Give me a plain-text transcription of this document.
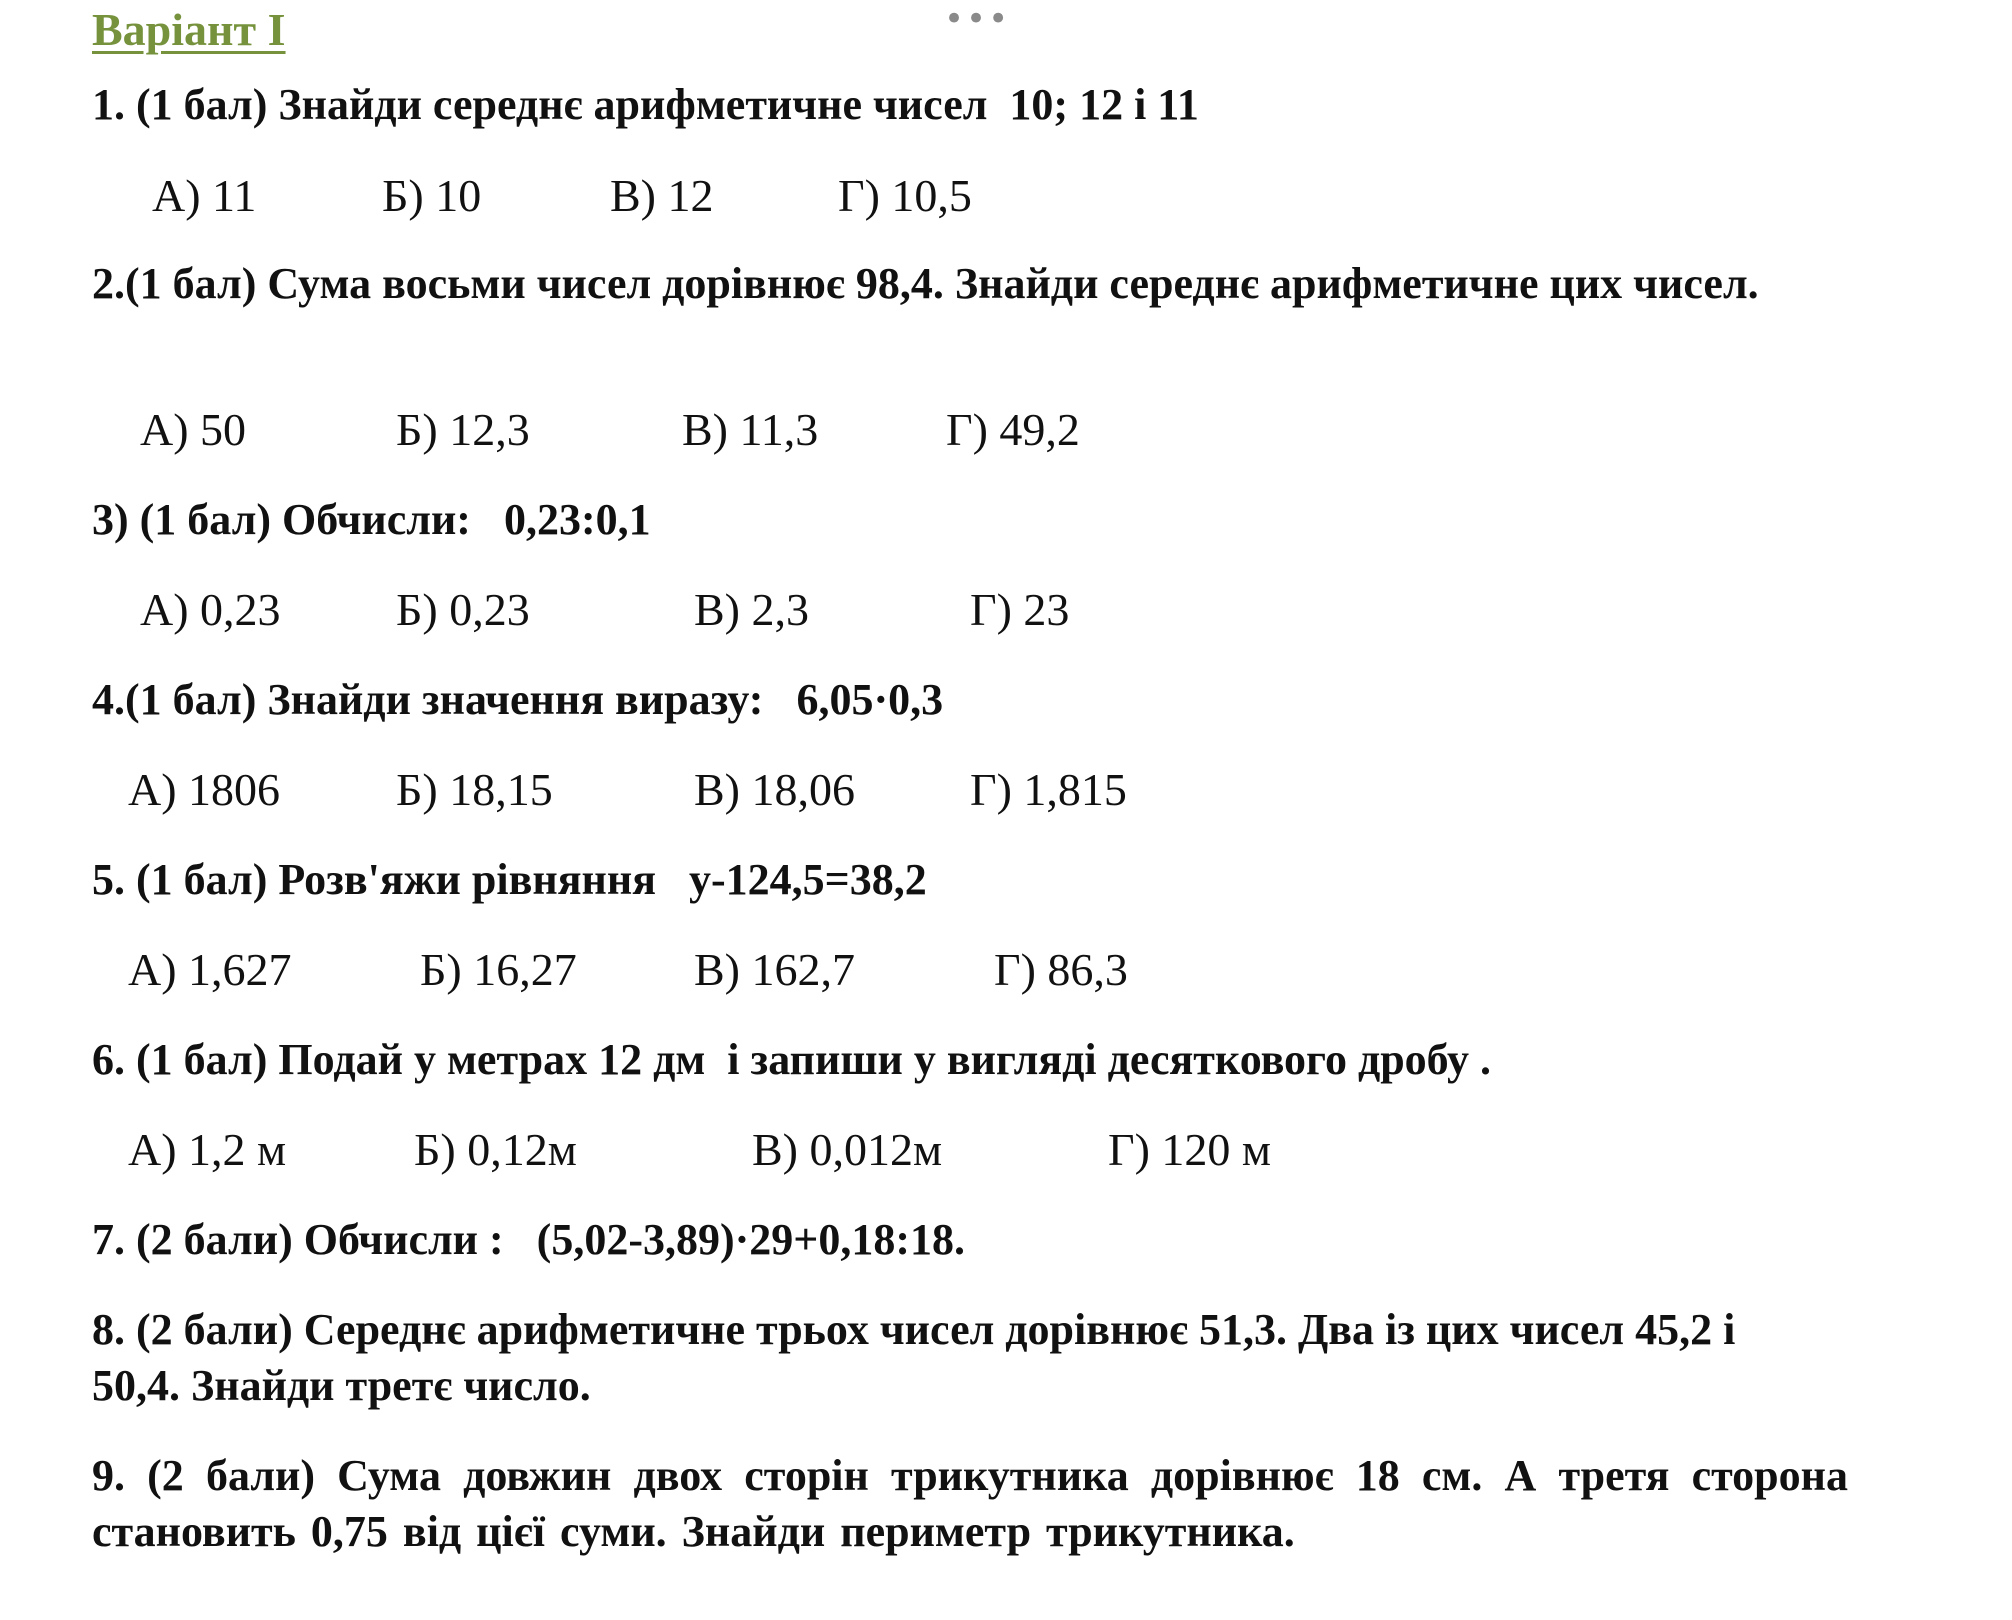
•••
Варіант І
1. (1 бал) Знайди середнє арифметичне чисел  10; 12 і 11
А) 11	Б) 10	В) 12	Г) 10,5
2.(1 бал) Сума восьми чисел дорівнює 98,4. Знайди середнє арифметичне цих чисел.
А) 50	Б) 12,3	В) 11,3	Г) 49,2
3) (1 бал) Обчисли:   0,23:0,1
А) 0,23	Б) 0,23	В) 2,3	Г) 23
4.(1 бал) Знайди значення виразу:   6,05·0,3
А) 1806	Б) 18,15	В) 18,06	Г) 1,815
5. (1 бал) Розв'яжи рівняння   у-124,5=38,2
А) 1,627	Б) 16,27	В) 162,7	Г) 86,3
6. (1 бал) Подай у метрах 12 дм  і запиши у вигляді десяткового дробу .
А) 1,2 м	Б) 0,12м	В) 0,012м	Г) 120 м
7. (2 бали) Обчисли :   (5,02-3,89)·29+0,18:18.
8. (2 бали) Середнє арифметичне трьох чисел дорівнює 51,3. Два із цих чисел 45,2 і 50,4. Знайди третє число.
9. (2 бали) Сума довжин двох сторін трикутника дорівнює 18 см. А третя сторона становить 0,75 від цієї суми. Знайди периметр трикутника.
